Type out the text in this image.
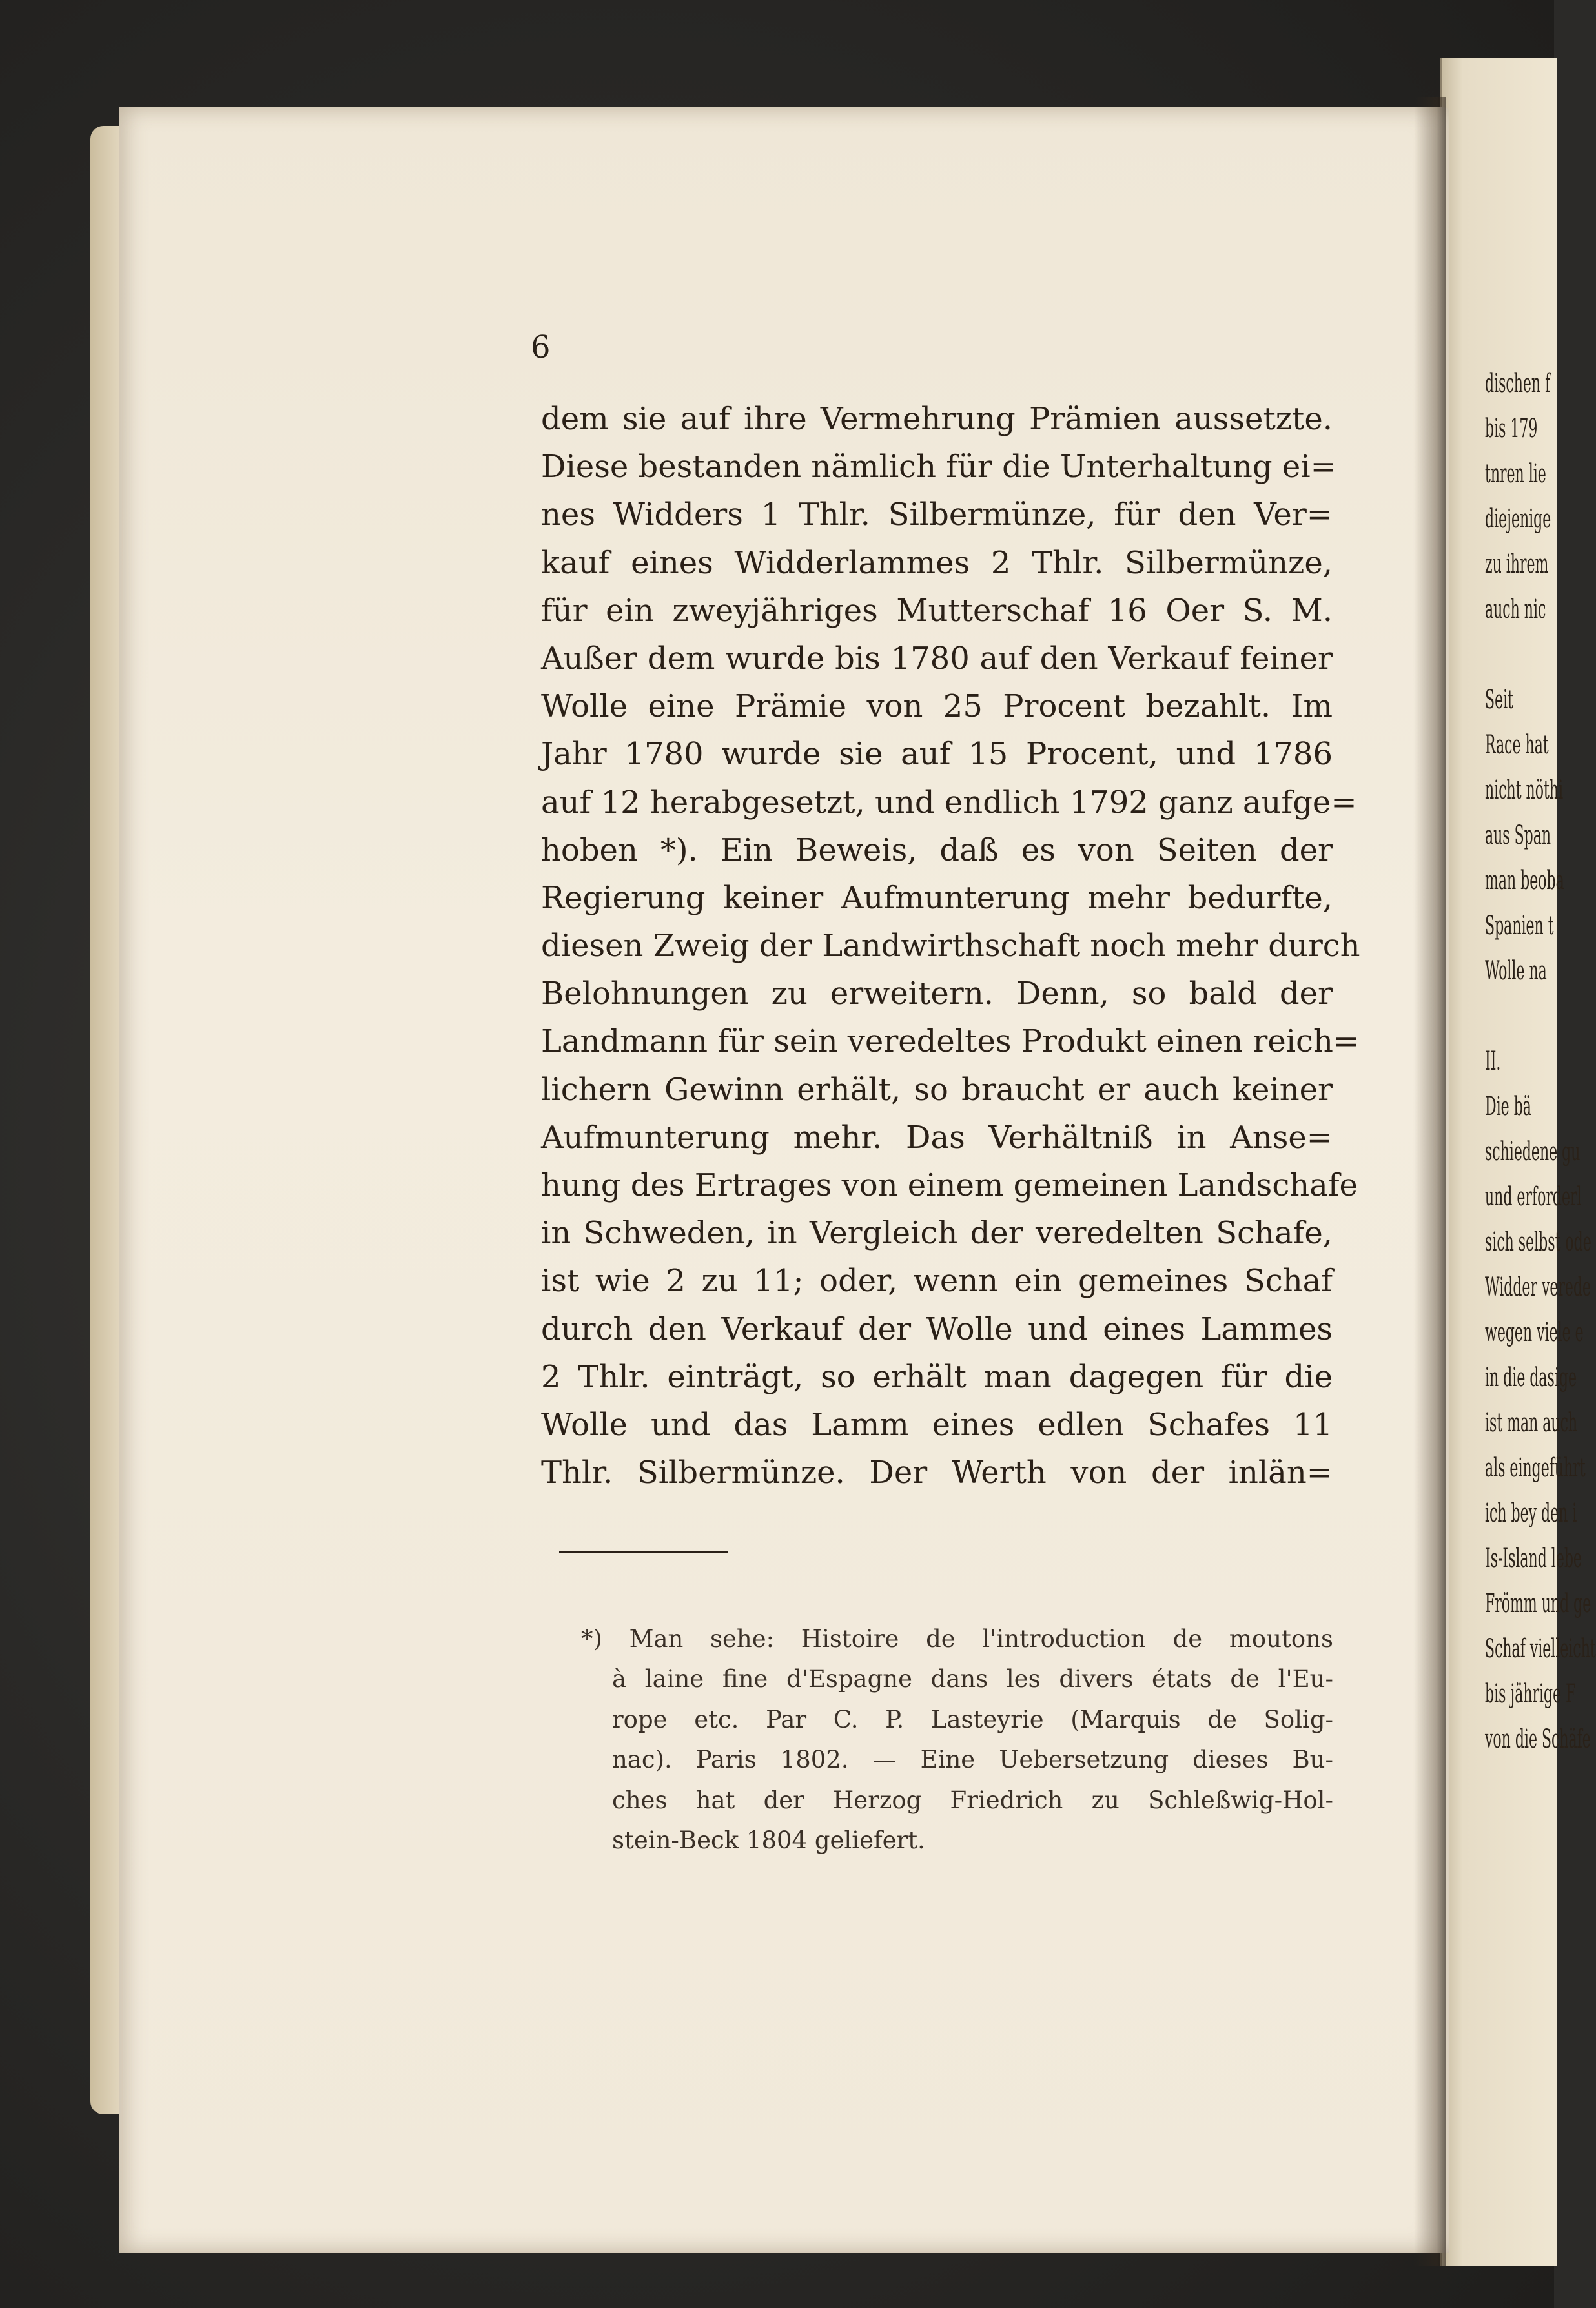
dischen f
bis 179
tnren lie
diejenige
zu ihrem
auch nic
Seit
Race hat
nicht nöthi
aus Span
man beoba
Spanien t
Wolle na
II.
Die bä
schiedene gu
und erforderl
sich selbst ode
Widder verede
wegen viele e
in die dasige
ist man auch
als eingeführt
ich bey den i
Is-Island lebe
Frömm und ge
Schaf vielleicht
bis jährige F
von die Schäfe
6
dem sie auf ihre Vermehrung Prämien aussetzte.
Diese bestanden nämlich für die Unterhaltung ei=
nes Widders 1 Thlr. Silbermünze, für den Ver=
kauf eines Widderlammes 2 Thlr. Silbermünze,
für ein zweyjähriges Mutterschaf 16 Oer S. M.
Außer dem wurde bis 1780 auf den Verkauf feiner
Wolle eine Prämie von 25 Procent bezahlt. Im
Jahr 1780 wurde sie auf 15 Procent, und 1786
auf 12 herabgesetzt, und endlich 1792 ganz aufge=
hoben *). Ein Beweis, daß es von Seiten der
Regierung keiner Aufmunterung mehr bedurfte,
diesen Zweig der Landwirthschaft noch mehr durch
Belohnungen zu erweitern. Denn, so bald der
Landmann für sein veredeltes Produkt einen reich=
lichern Gewinn erhält, so braucht er auch keiner
Aufmunterung mehr. Das Verhältniß in Anse=
hung des Ertrages von einem gemeinen Landschafe
in Schweden, in Vergleich der veredelten Schafe,
ist wie 2 zu 11; oder, wenn ein gemeines Schaf
durch den Verkauf der Wolle und eines Lammes
2 Thlr. einträgt, so erhält man dagegen für die
Wolle und das Lamm eines edlen Schafes 11
Thlr. Silbermünze. Der Werth von der inlän=
*) Man sehe: Histoire de l'introduction de moutons
à laine fine d'Espagne dans les divers états de l'Eu-
rope etc. Par C. P. Lasteyrie (Marquis de Solig-
nac). Paris 1802. — Eine Uebersetzung dieses Bu-
ches hat der Herzog Friedrich zu Schleßwig-Hol-
stein-Beck 1804 geliefert.
